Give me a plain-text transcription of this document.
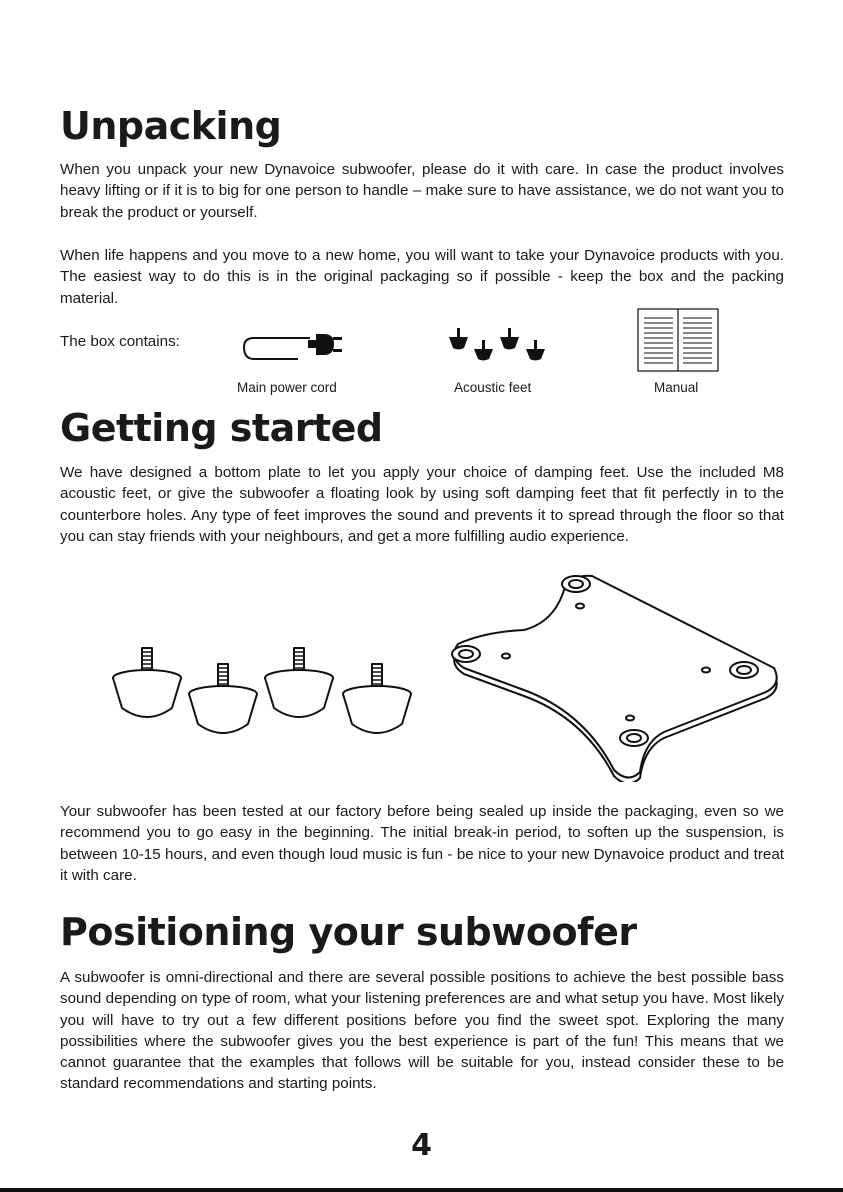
Unpacking

When you unpack your new Dynavoice subwoofer, please do it with care. In case the product involves heavy lifting or if it is to big for one person to handle – make sure to have assistance, we do not want you to break the product or yourself.

When life happens and you move to a new home, you will want to take your Dynavoice products with you. The easiest way to do this is in the original packaging so if possible - keep the box and the packing material.

The box contains:
Main power cord	Acoustic feet	Manual
Getting started

We have designed a bottom plate to let you apply your choice of damping feet. Use the included M8 acoustic feet, or give the subwoofer a floating look by using soft damping feet that fit perfectly in to the counterbore holes. Any type of feet improves the sound and prevents it to spread through the floor so that you can stay friends with your neighbours, and get a more fulfilling audio experience.

Your subwoofer has been tested at our factory before being sealed up inside the packaging, even so we recommend you to go easy in the beginning. The initial break-in period, to soften up the suspension, is between 10-15 hours, and even though loud music is fun - be nice to your new Dynavoice product and treat it with care.

Positioning your subwoofer

A subwoofer is omni-directional and there are several possible positions to achieve the best possible bass sound depending on type of room, what your listening preferences are and what setup you have. Most likely you will have to try out a few different positions before you find the sweet spot. Exploring the many possibilities where the subwoofer gives you the best experience is part of the fun! This means that we cannot guarantee that the examples that follows will be suitable for you, instead consider these to be standard recommendations and starting points.

4
